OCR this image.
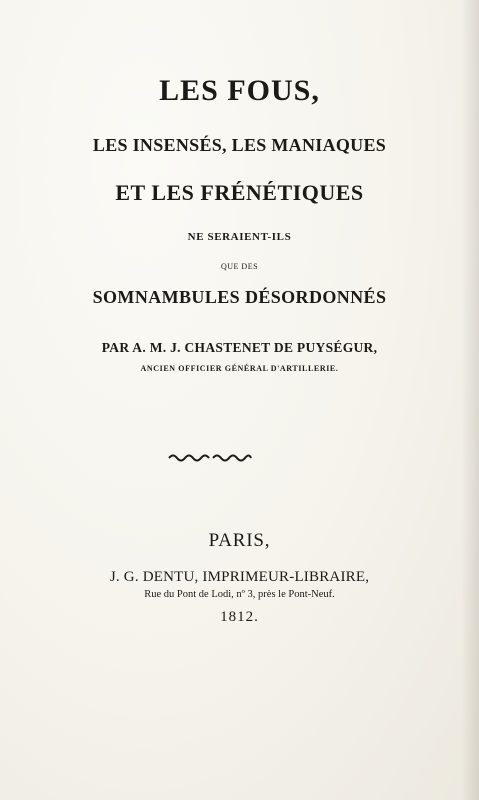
LES FOUS,
LES INSENSÉS, LES MANIAQUES
ET LES FRÉNÉTIQUES
NE SERAIENT-ILS
QUE DES
SOMNAMBULES DÉSORDONNÉS
PAR A. M. J. CHASTENET DE PUYSÉGUR,
ANCIEN OFFICIER GÉNÉRAL D'ARTILLERIE.
PARIS,
J. G. DENTU, IMPRIMEUR-LIBRAIRE,
Rue du Pont de Lodi, nº 3, près le Pont-Neuf.
1812.
